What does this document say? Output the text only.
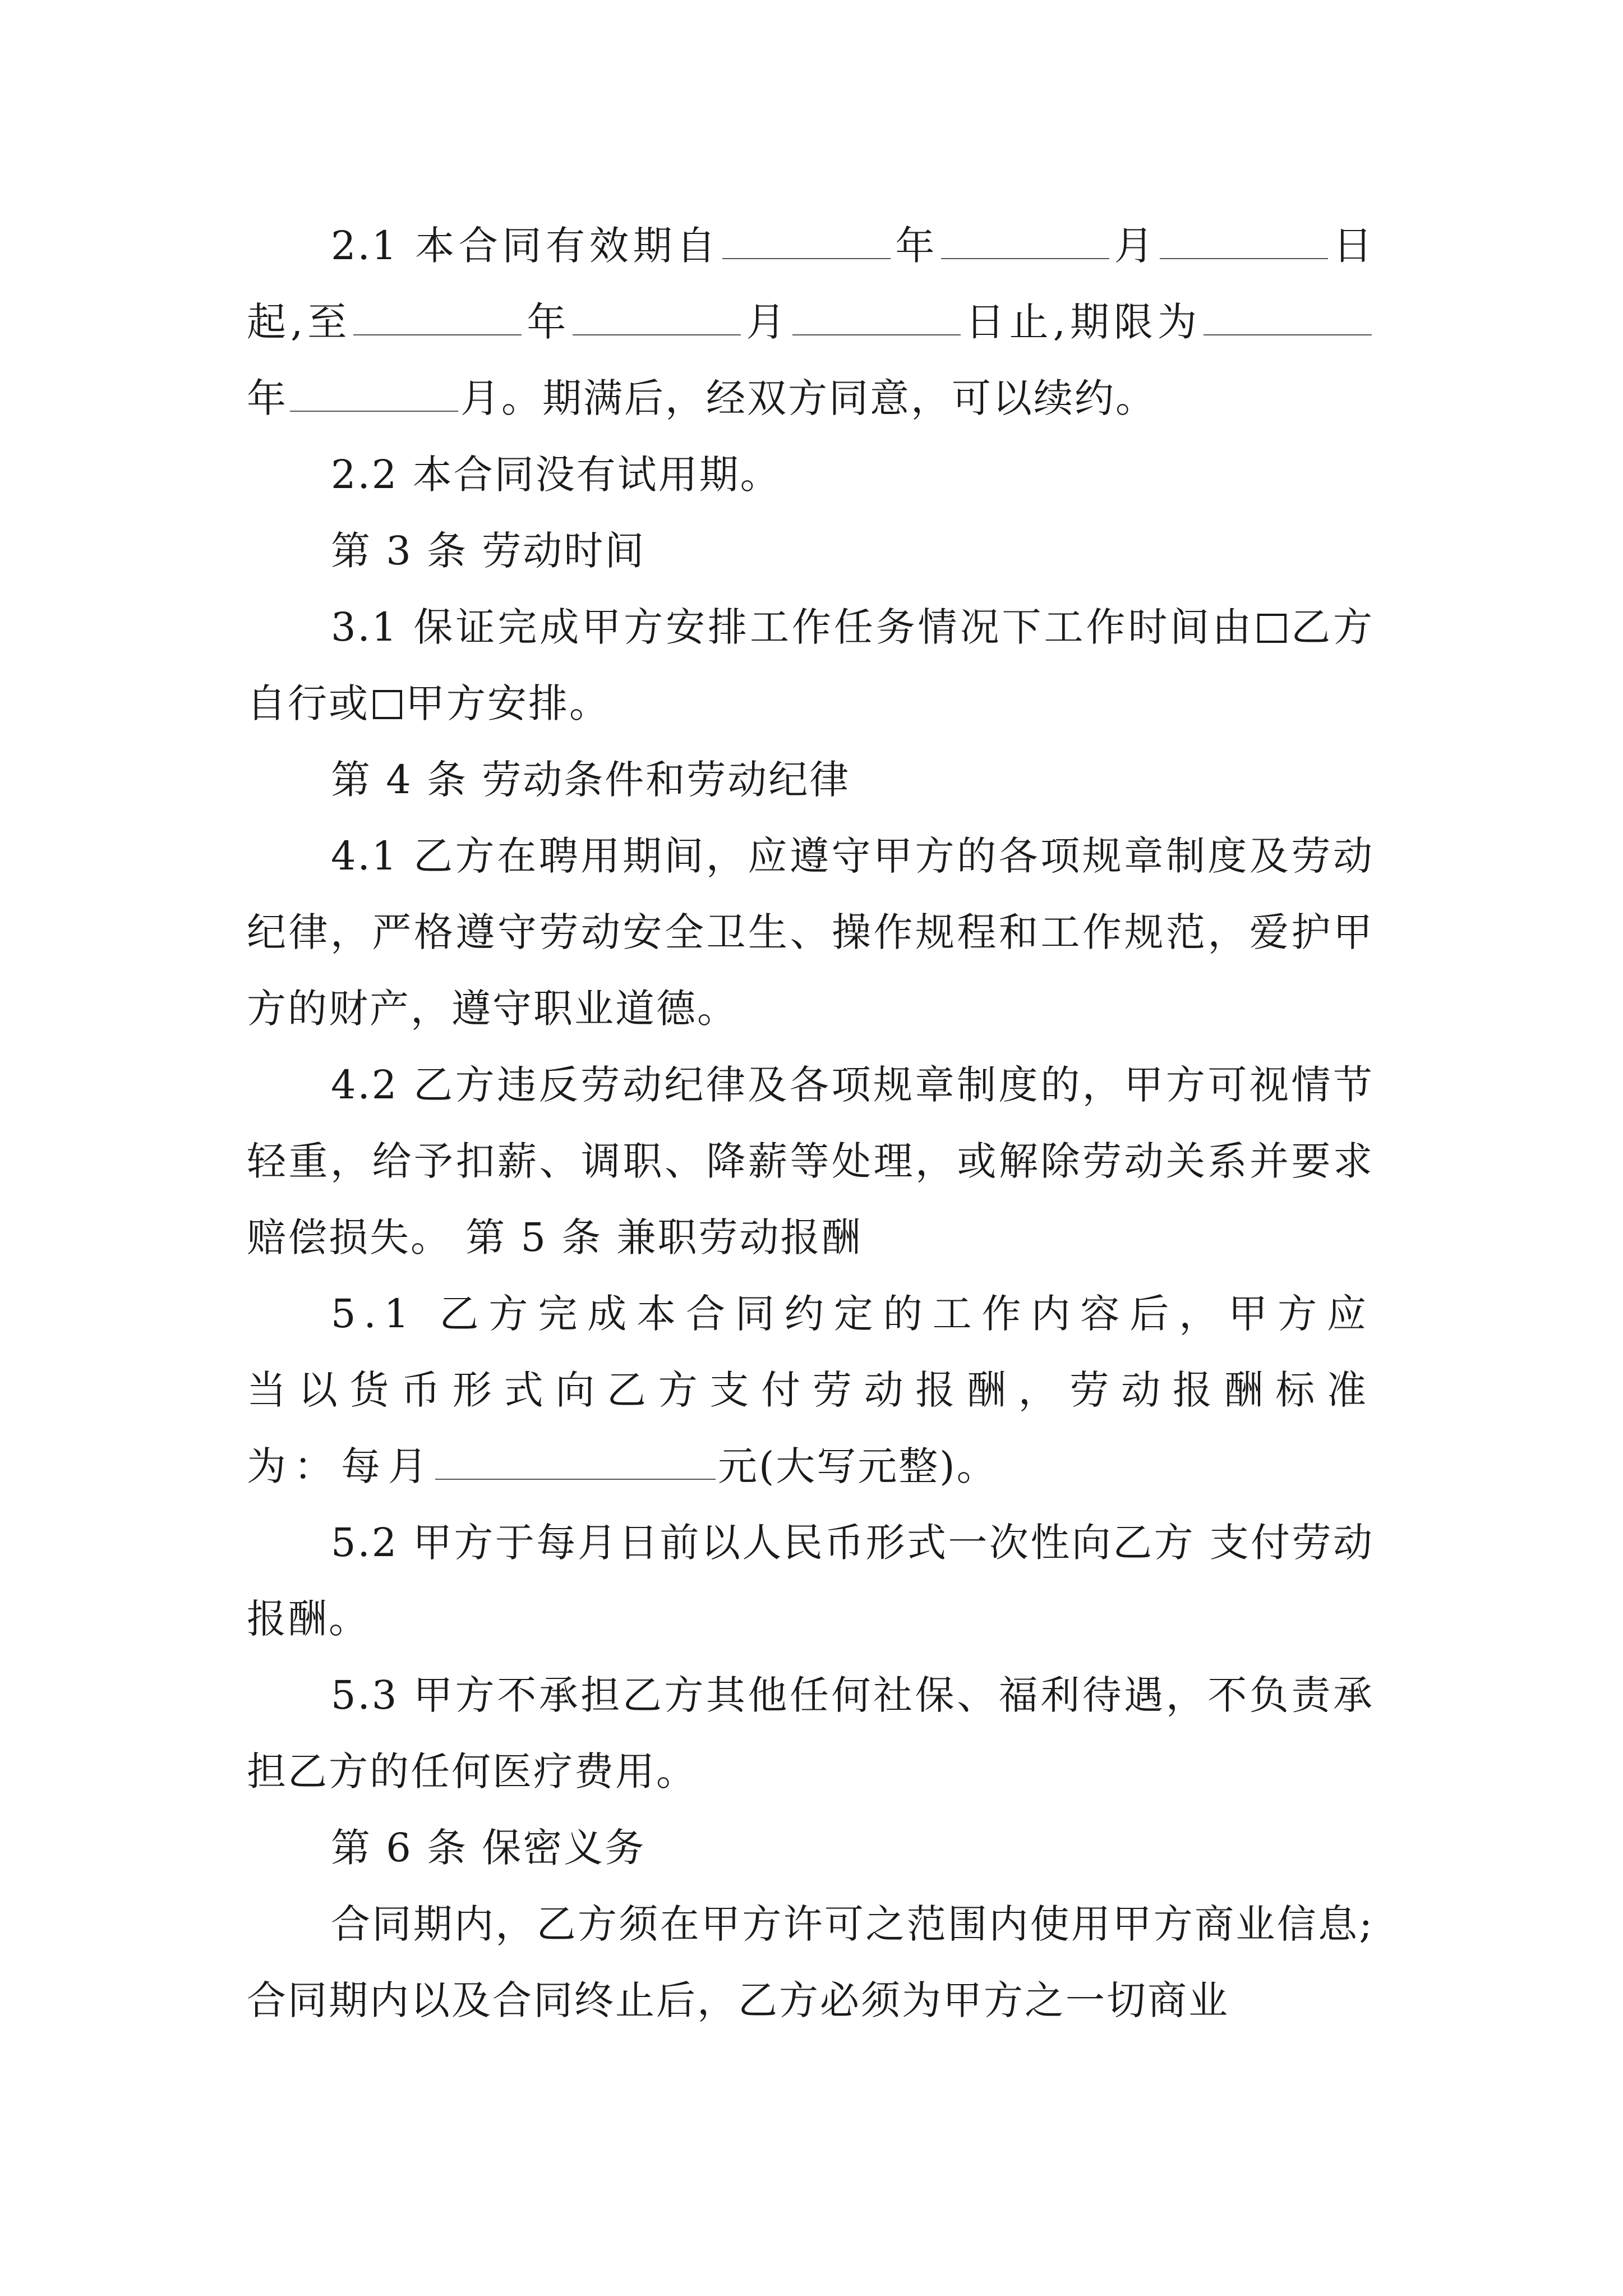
2.1 本合同有效期自	年	月	日起,至	年	月	日止,期限为年	月。期满后，经双方同意，可以续约。

2.2 本合同没有试用期。

第 3 条 劳动时间

3.1 保证完成甲方安排工作任务情况下工作时间由 乙方自行或 甲方安排。

第 4 条 劳动条件和劳动纪律

4.1 乙方在聘用期间，应遵守甲方的各项规章制度及劳动纪律，严格遵守劳动安全卫生、操作规程和工作规范，爱护甲方的财产，遵守职业道德。

4.2 乙方违反劳动纪律及各项规章制度的，甲方可视情节轻重，给予扣薪、调职、降薪等处理，或解除劳动关系并要求赔偿损失。 第 5 条 兼职劳动报酬

5.1 乙方完成本合同约定的工作内容后，甲方应当以货币形式向乙方支付劳动报酬，劳动报酬标准为：每月	元(大写元整)。

5.2 甲方于每月日前以人民币形式一次性向乙方 支付劳动报酬。

5.3 甲方不承担乙方其他任何社保、福利待遇，不负责承担乙方的任何医疗费用。

第 6 条 保密义务

合同期内，乙方须在甲方许可之范围内使用甲方商业信息;合同期内以及合同终止后，乙方必须为甲方之一切商业
